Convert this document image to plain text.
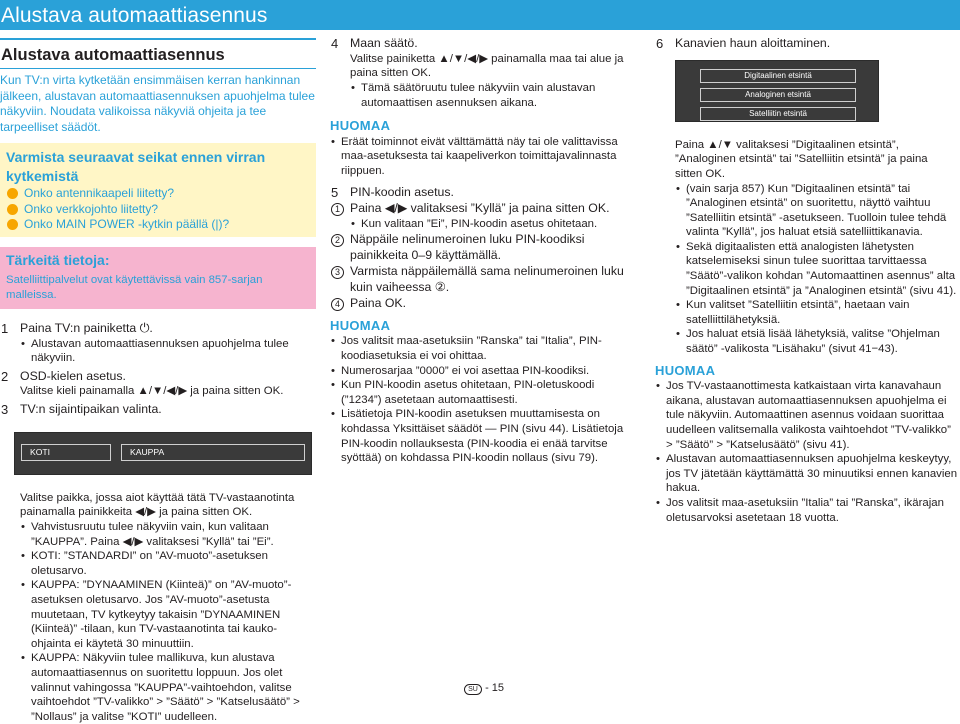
Alustava automaattiasennus
Alustava automaattiasennus

Kun TV:n virta kytketään ensimmäisen kerran hankinnan jälkeen, alustavan automaattiasennuksen apuohjelma tulee näkyviin. Noudata valikoissa näkyviä ohjeita ja tee tarpeelliset säädöt.

Varmista seuraavat seikat ennen virran kytkemistä
Onko antennikaapeli liitetty?
Onko verkkojohto liitetty?
Onko MAIN POWER -kytkin päällä (|)?
Tärkeitä tietoja:

Satelliittipalvelut ovat käytettävissä vain 857-sarjan malleissa.

1 Paina TV:n painiketta ⏻.
• Alustavan automaattiasennuksen apuohjelma tulee näkyviin.
2 OSD-kielen asetus.
Valitse kieli painamalla ▲/▼/◀/▶ ja paina sitten OK.
3 TV:n sijaintipaikan valinta.
KOTI	KAUPPA

Valitse paikka, jossa aiot käyttää tätä TV-vastaanotinta painamalla painikkeita ◀/▶ ja paina sitten OK.

• Vahvistusruutu tulee näkyviin vain, kun valitaan ”KAUPPA”. Paina ◀/▶ valitaksesi ”Kyllä” tai ”Ei”.
• KOTI: ”STANDARDI” on ”AV-muoto”-asetuksen oletusarvo.
• KAUPPA: ”DYNAAMINEN (Kiinteä)” on ”AV-muoto”-asetuksen oletusarvo. Jos ”AV-muoto”-asetusta muutetaan, TV kytkeytyy takaisin ”DYNAAMINEN (Kiinteä)” -tilaan, kun TV-vastaanotinta tai kauko-ohjainta ei käytetä 30 minuuttiin.
• KAUPPA: Näkyviin tulee mallikuva, kun alustava automaattiasennus on suoritettu loppuun. Jos olet valinnut vahingossa ”KAUPPA”-vaihtoehdon, valitse vaihtoehdot ”TV-valikko” > ”Säätö” > ”Katselusäätö” > ”Nollaus” ja valitse ”KOTI” uudelleen.
4 Maan säätö.
Valitse painiketta ▲/▼/◀/▶ painamalla maa tai alue ja paina sitten OK.
• Tämä säätöruutu tulee näkyviin vain alustavan automaattisen asennuksen aikana.
HUOMAA
• Eräät toiminnot eivät välttämättä näy tai ole valittavissa maa-asetuksesta tai kaapeliverkon toimittajavalinnasta riippuen.
5 PIN-koodin asetus.
1 Paina ◀/▶ valitaksesi ”Kyllä” ja paina sitten OK.
• Kun valitaan ”Ei”, PIN-koodin asetus ohitetaan.
2 Näppäile nelinumeroinen luku PIN-koodiksi painikkeita 0–9 käyttämällä.
3 Varmista näppäilemällä sama nelinumeroinen luku kuin vaiheessa ②.
4 Paina OK.
HUOMAA
• Jos valitsit maa-asetuksiin ”Ranska” tai ”Italia”, PIN-koodiasetuksia ei voi ohittaa.
• Numerosarjaa ”0000” ei voi asettaa PIN-koodiksi.
• Kun PIN-koodin asetus ohitetaan, PIN-oletuskoodi (”1234”) asetetaan automaattisesti.
• Lisätietoja PIN-koodin asetuksen muuttamisesta on kohdassa Yksittäiset säädöt — PIN (sivu 44). Lisätietoja PIN-koodin nollauksesta (PIN-koodia ei enää tarvitse syöttää) on kohdassa PIN-koodin nollaus (sivu 79).
6 Kanavien haun aloittaminen.
Digitaalinen etsintä
Analoginen etsintä
Satelliitin etsintä

Paina ▲/▼ valitaksesi ”Digitaalinen etsintä”, ”Analoginen etsintä” tai ”Satelliitin etsintä” ja paina sitten OK.

• (vain sarja 857) Kun ”Digitaalinen etsintä” tai ”Analoginen etsintä” on suoritettu, näyttö vaihtuu ”Satelliitin etsintä” -asetukseen. Tuolloin tulee tehdä valinta ”Kyllä”, jos haluat etsiä satelliittikanavia.
• Sekä digitaalisten että analogisten lähetysten katselemiseksi sinun tulee suorittaa tarvittaessa ”Säätö”-valikon kohdan ”Automaattinen asennus” alta ”Digitaalinen etsintä” ja ”Analoginen etsintä” (sivu 41).
• Kun valitset ”Satelliitin etsintä”, haetaan vain satelliittilähetyksiä.
• Jos haluat etsiä lisää lähetyksiä, valitse ”Ohjelman säätö” -valikosta ”Lisähaku” (sivut 41−43).
HUOMAA
• Jos TV-vastaanottimesta katkaistaan virta kanavahaun aikana, alustavan automaattiasennuksen apuohjelma ei tule näkyviin. Automaattinen asennus voidaan suorittaa uudelleen valitsemalla valikosta vaihtoehdot ”TV-valikko” > ”Säätö” > ”Katselusäätö” (sivu 41).
• Alustavan automaattiasennuksen apuohjelma keskeytyy, jos TV jätetään käyttämättä 30 minuutiksi ennen kanavien hakua.
• Jos valitsit maa-asetuksiin ”Italia” tai ”Ranska”, ikärajan oletusarvoksi asetetaan 18 vuotta.
SU - 15
